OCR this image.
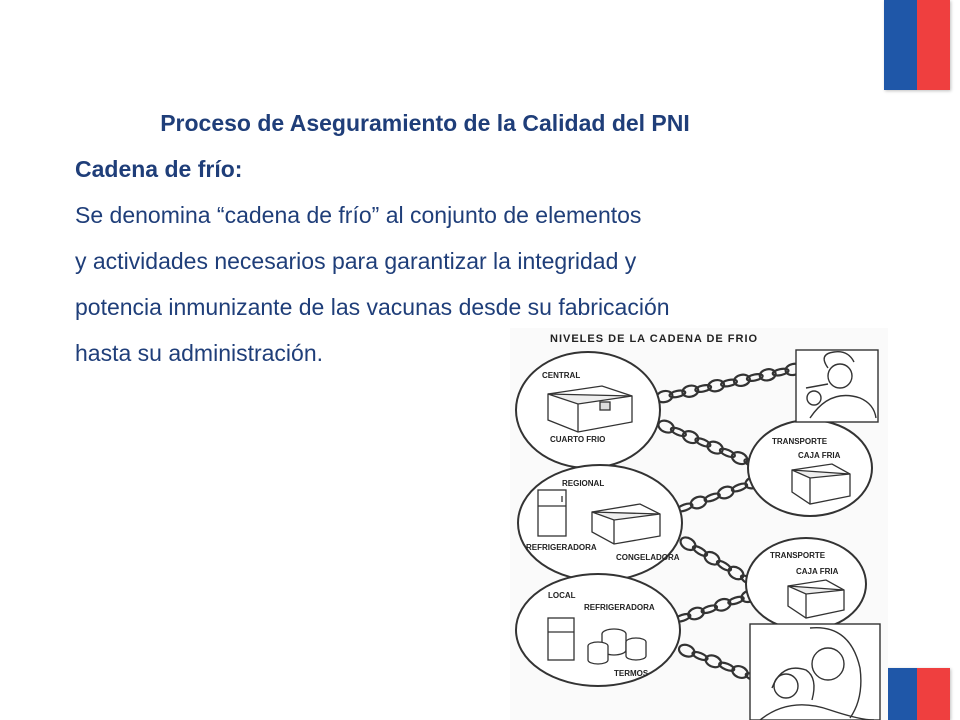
Proceso de Aseguramiento de la Calidad del PNI

Cadena de frío:

Se denomina “cadena de frío” al conjunto de elementos

y actividades necesarios para garantizar la integridad y

potencia inmunizante de las vacunas desde su fabricación

hasta su administración.

NIVELES DE LA CADENA DE FRIO
CENTRAL
CUARTO FRIO	TRANSPORTE
CAJA FRIA
REGIONAL
REFRIGERADORA
CONGELADORA	TRANSPORTE
CAJA FRIA
LOCAL
REFRIGERADORA
TERMOS
